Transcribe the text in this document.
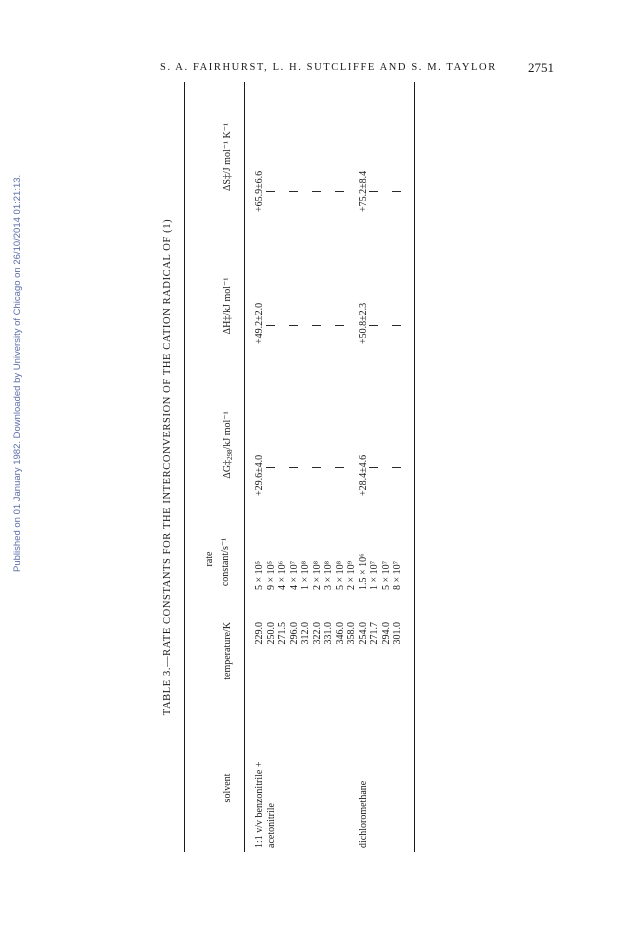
S. A. FAIRHURST, L. H. SUTCLIFFE AND S. M. TAYLOR 2751
Published on 01 January 1982. Downloaded by University of Chicago on 26/10/2014 01:21:13.	TABLE 3.—RATE CONSTANTS FOR THE INTERCONVERSION OF THE CATION RADICAL OF (1)
solvent
temperature/K
rate constant/s⁻¹
$\Delta G\ddagger_{298}/kJ$ mol⁻¹
ΔH‡/kJ mol⁻¹
ΔS‡/J mol⁻¹ K⁻¹
1:1 v/v benzonitrile + acetonitrile
+29.6±4.0
+49.2±2.0
+65.9±6.6
229.0
5 × 10⁵
250.0
9 × 10⁵
271.5
4 × 10⁶
296.0
4 × 10⁷
312.0
1 × 10⁸
322.0
2 × 10⁸
331.0
3 × 10⁸
346.0
5 × 10⁸
358.0
2 × 10⁹
dichloromethane
+28.4±4.6
+50.8±2.3
+75.2±8.4
254.0
1.5 × 10⁶
271.7
1 × 10⁷
294.0
5 × 10⁷
301.0
8 × 10⁷
